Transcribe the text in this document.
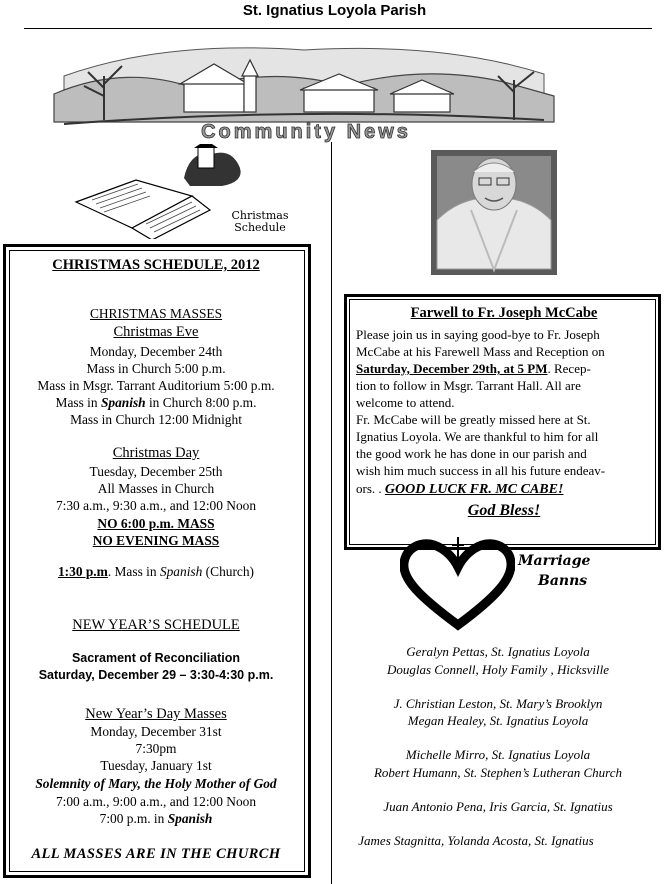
St. Ignatius Loyola Parish
Community News
Christmas
Schedule
CHRISTMAS SCHEDULE, 2012
CHRISTMAS MASSES
Christmas Eve
Monday, December 24th
Mass in Church 5:00 p.m.
Mass in Msgr. Tarrant Auditorium 5:00 p.m.
Mass in Spanish in Church 8:00 p.m.
Mass in Church 12:00 Midnight
Christmas Day
Tuesday, December 25th
All Masses in Church
7:30 a.m., 9:30 a.m., and 12:00 Noon
NO 6:00 p.m. MASS
NO EVENING MASS
1:30 p.m. Mass in Spanish (Church)
NEW YEAR’S SCHEDULE
Sacrament of Reconciliation
Saturday, December 29 – 3:30-4:30 p.m.
New Year’s Day Masses
Monday, December 31st
7:30pm
Tuesday, January 1st
Solemnity of Mary, the Holy Mother of God
7:00 a.m., 9:00 a.m., and 12:00 Noon
7:00 p.m. in Spanish
ALL MASSES ARE IN THE CHURCH
Farwell to Fr. Joseph McCabe
Please join us in saying good-bye to Fr. Joseph
McCabe at his Farewell Mass and Reception on
Saturday, December 29th, at 5 PM. Recep-
tion to follow in Msgr. Tarrant Hall. All are
welcome to attend.
Fr. McCabe will be greatly missed here at St.
Ignatius Loyola. We are thankful to him for all
the good work he has done in our parish and
wish him much success in all his future endeav-
ors. . GOOD LUCK FR. MC CABE!
God Bless!
Marriage
Banns
Geralyn Pettas, St. Ignatius Loyola
Douglas Connell, Holy Family , Hicksville
J. Christian Leston, St. Mary’s Brooklyn
Megan Healey, St. Ignatius Loyola
Michelle Mirro, St. Ignatius Loyola
Robert Humann, St. Stephen’s Lutheran Church
Juan Antonio Pena, Iris Garcia, St. Ignatius
James Stagnitta, Yolanda Acosta, St. Ignatius
